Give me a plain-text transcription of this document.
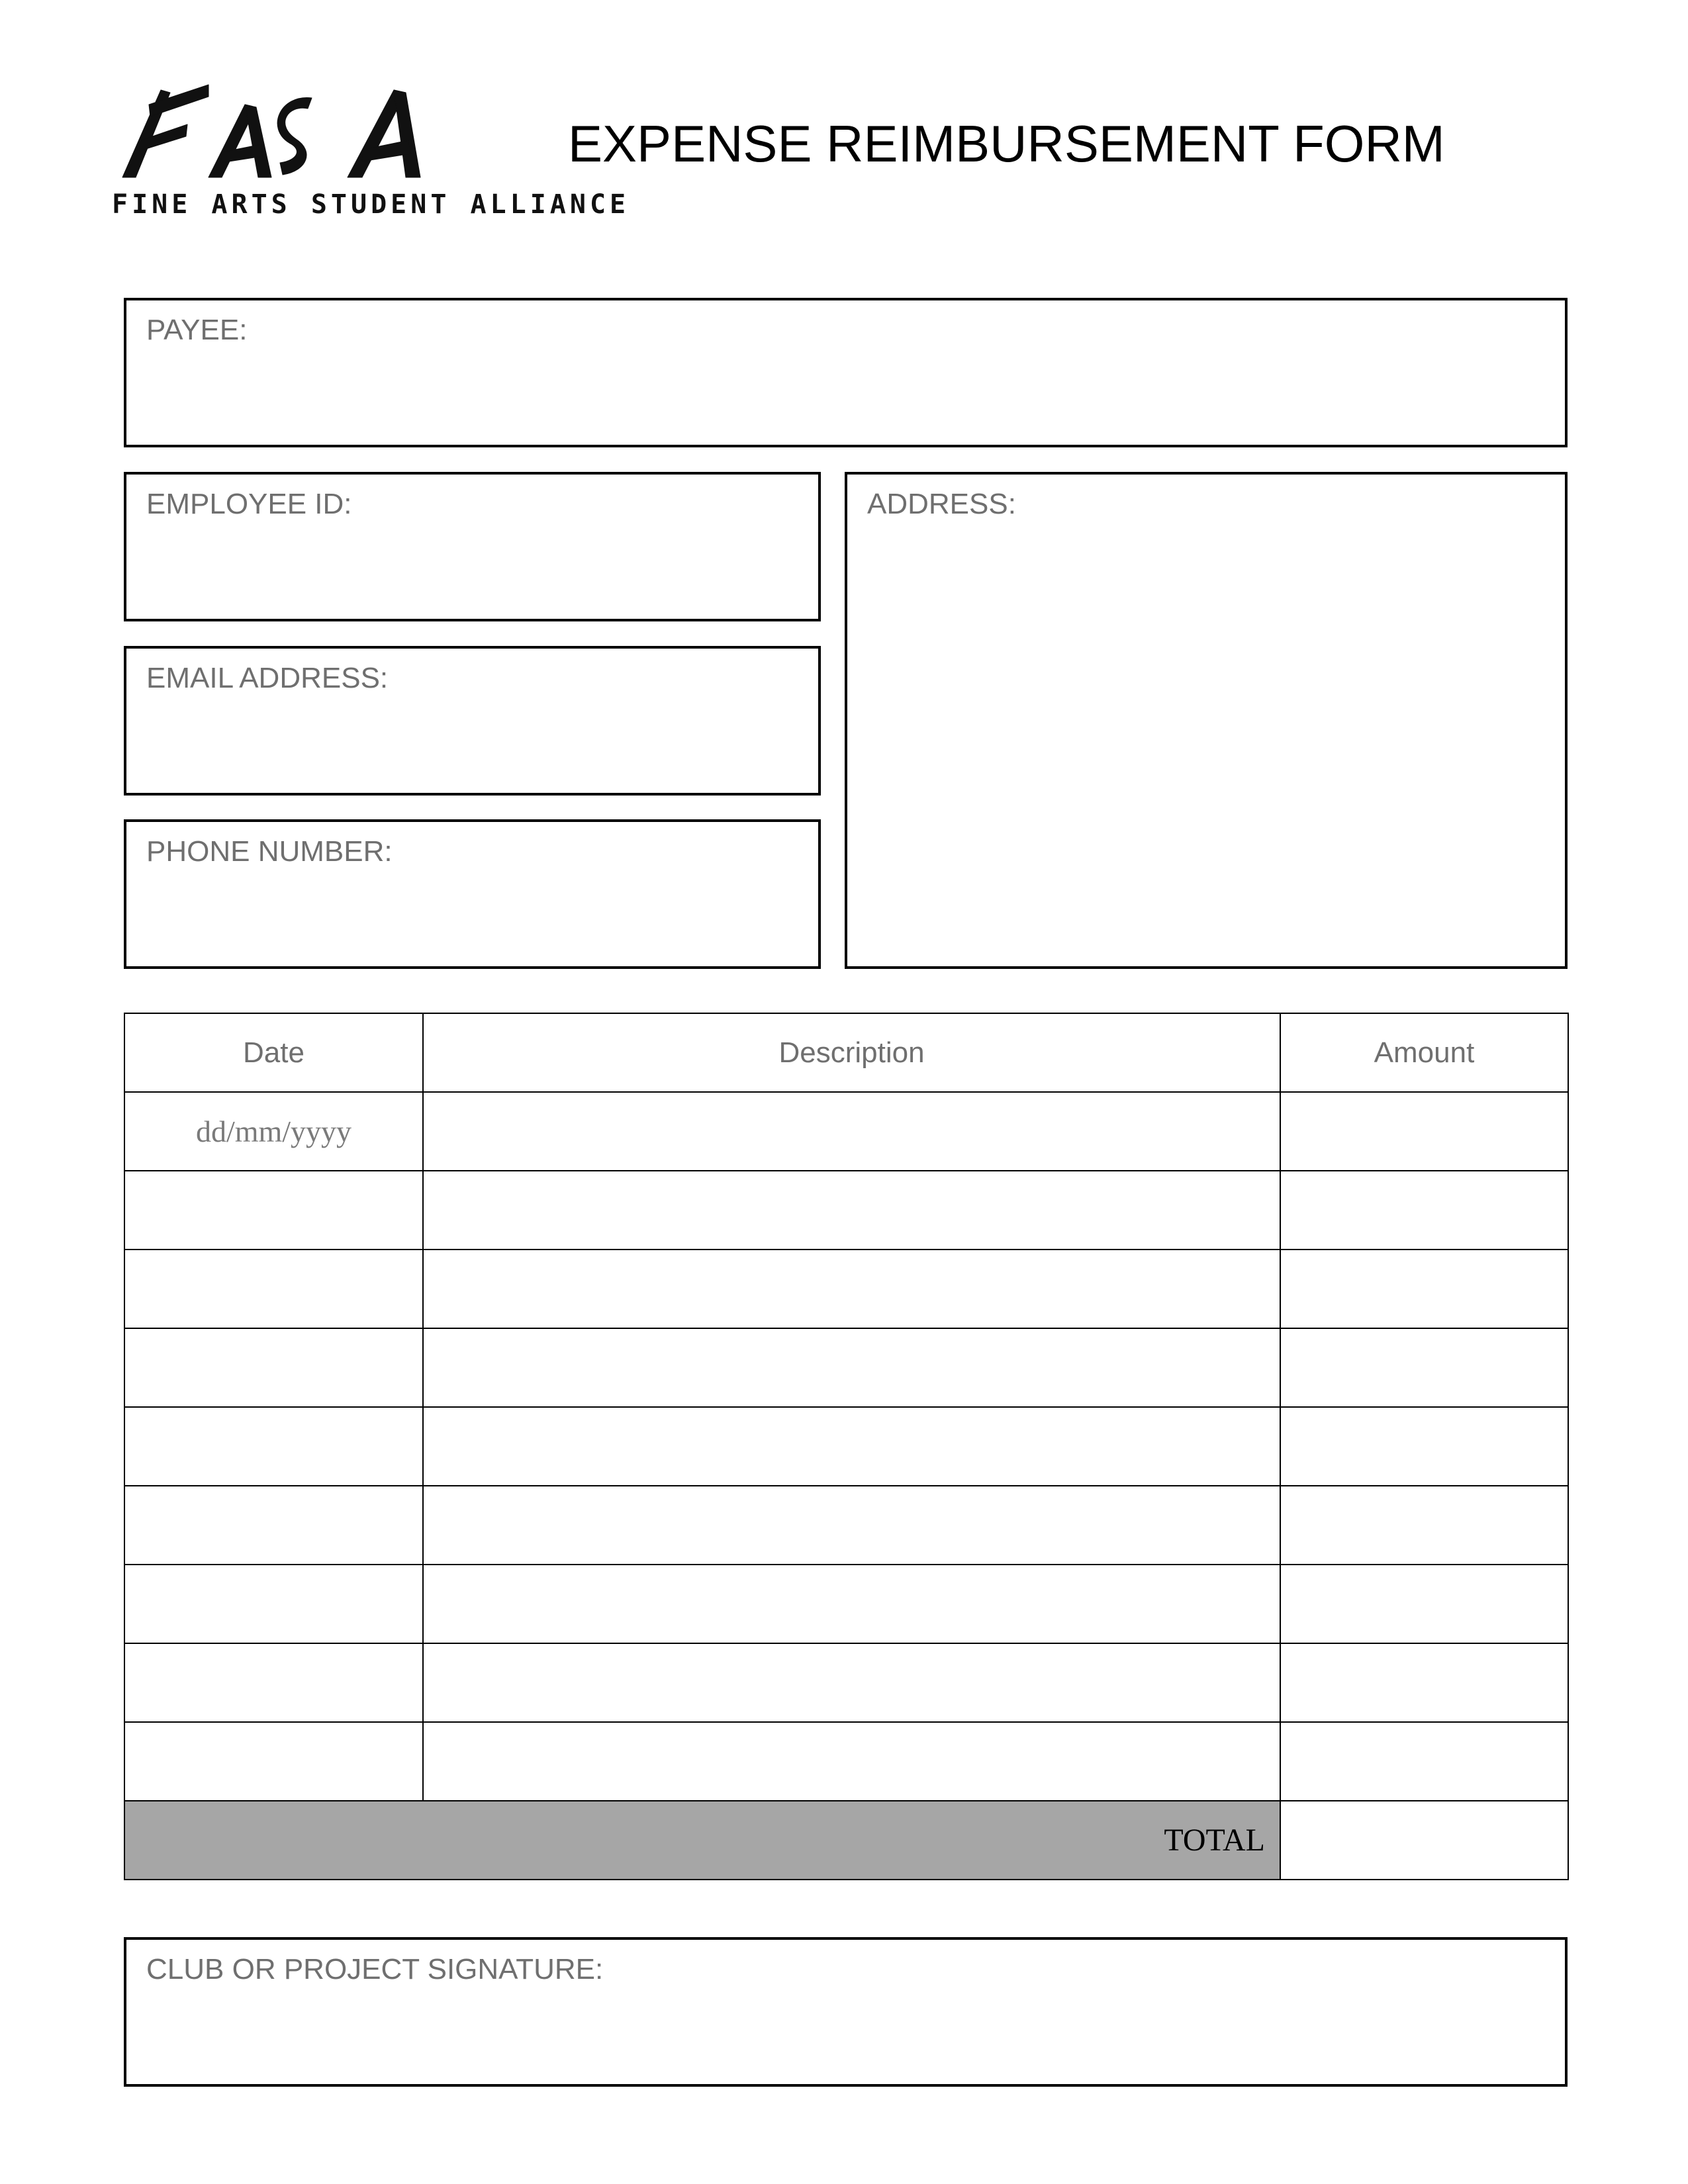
FINE ARTS STUDENT ALLIANCE
EXPENSE REIMBURSEMENT FORM
PAYEE:
EMPLOYEE ID:
EMAIL ADDRESS:
PHONE NUMBER:
ADDRESS:
Date	Description	Amount
dd/mm/yyyy		

TOTAL		
CLUB OR PROJECT SIGNATURE:
